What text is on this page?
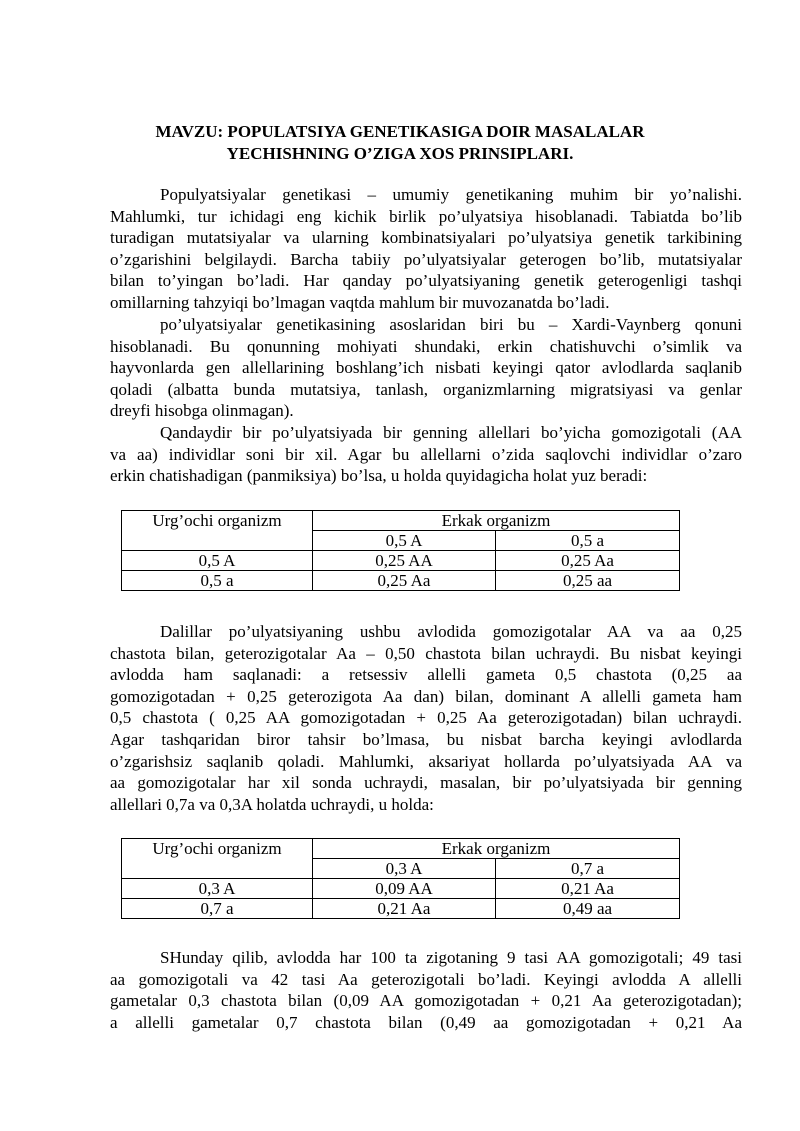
MAVZU: POPULATSIYA GENETIKASIGA DOIR MASALALAR
YECHISHNING O’ZIGA XOS PRINSIPLARI.
Populyatsiyalar genetikasi – umumiy genetikaning muhim bir yo’nalishi.
Mahlumki, tur ichidagi eng kichik birlik po’ulyatsiya hisoblanadi. Tabiatda bo’lib
turadigan mutatsiyalar va ularning kombinatsiyalari po’ulyatsiya genetik tarkibining
o’zgarishini belgilaydi. Barcha tabiiy po’ulyatsiyalar geterogen bo’lib, mutatsiyalar
bilan to’yingan bo’ladi. Har qanday po’ulyatsiyaning genetik geterogenligi tashqi
omillarning tahzyiqi bo’lmagan vaqtda mahlum bir muvozanatda bo’ladi.
po’ulyatsiyalar genetikasining asoslaridan biri bu – Xardi-Vaynberg qonuni
hisoblanadi. Bu qonunning mohiyati shundaki, erkin chatishuvchi o’simlik va
hayvonlarda gen allellarining boshlang’ich nisbati keyingi qator avlodlarda saqlanib
qoladi (albatta bunda mutatsiya, tanlash, organizmlarning migratsiyasi va genlar
dreyfi hisobga olinmagan).
Qandaydir bir po’ulyatsiyada bir genning allellari bo’yicha gomozigotali (AA
va aa) individlar soni bir xil. Agar bu allellarni o’zida saqlovchi individlar o’zaro
erkin chatishadigan (panmiksiya) bo’lsa, u holda quyidagicha holat yuz beradi:
Urg’ochi organizm	Erkak organizm	
	0,5 A	0,5 a
0,5 A	0,25 AA	0,25 Aa
0,5 a	0,25 Aa	0,25 aa
Dalillar po’ulyatsiyaning ushbu avlodida gomozigotalar AA va aa 0,25
chastota bilan, geterozigotalar Aa – 0,50 chastota bilan uchraydi. Bu nisbat keyingi
avlodda ham saqlanadi: a retsessiv allelli gameta 0,5 chastota (0,25 aa
gomozigotadan + 0,25 geterozigota Aa dan) bilan, dominant A allelli gameta ham
0,5 chastota ( 0,25 AA gomozigotadan + 0,25 Aa geterozigotadan) bilan uchraydi.
Agar tashqaridan biror tahsir bo’lmasa, bu nisbat barcha keyingi avlodlarda
o’zgarishsiz saqlanib qoladi. Mahlumki, aksariyat hollarda po’ulyatsiyada AA va
aa gomozigotalar har xil sonda uchraydi, masalan, bir po’ulyatsiyada bir genning
allellari 0,7a va 0,3A holatda uchraydi, u holda:
Urg’ochi organizm	Erkak organizm	
	0,3 A	0,7 a
0,3 A	0,09 AA	0,21 Aa
0,7 a	0,21 Aa	0,49 aa
SHunday qilib, avlodda har 100 ta zigotaning 9 tasi AA gomozigotali; 49 tasi
aa gomozigotali va 42 tasi Aa geterozigotali bo’ladi. Keyingi avlodda A allelli
gametalar 0,3 chastota bilan (0,09 AA gomozigotadan + 0,21 Aa geterozigotadan);
a allelli gametalar 0,7 chastota bilan (0,49 aa gomozigotadan + 0,21 Aa
